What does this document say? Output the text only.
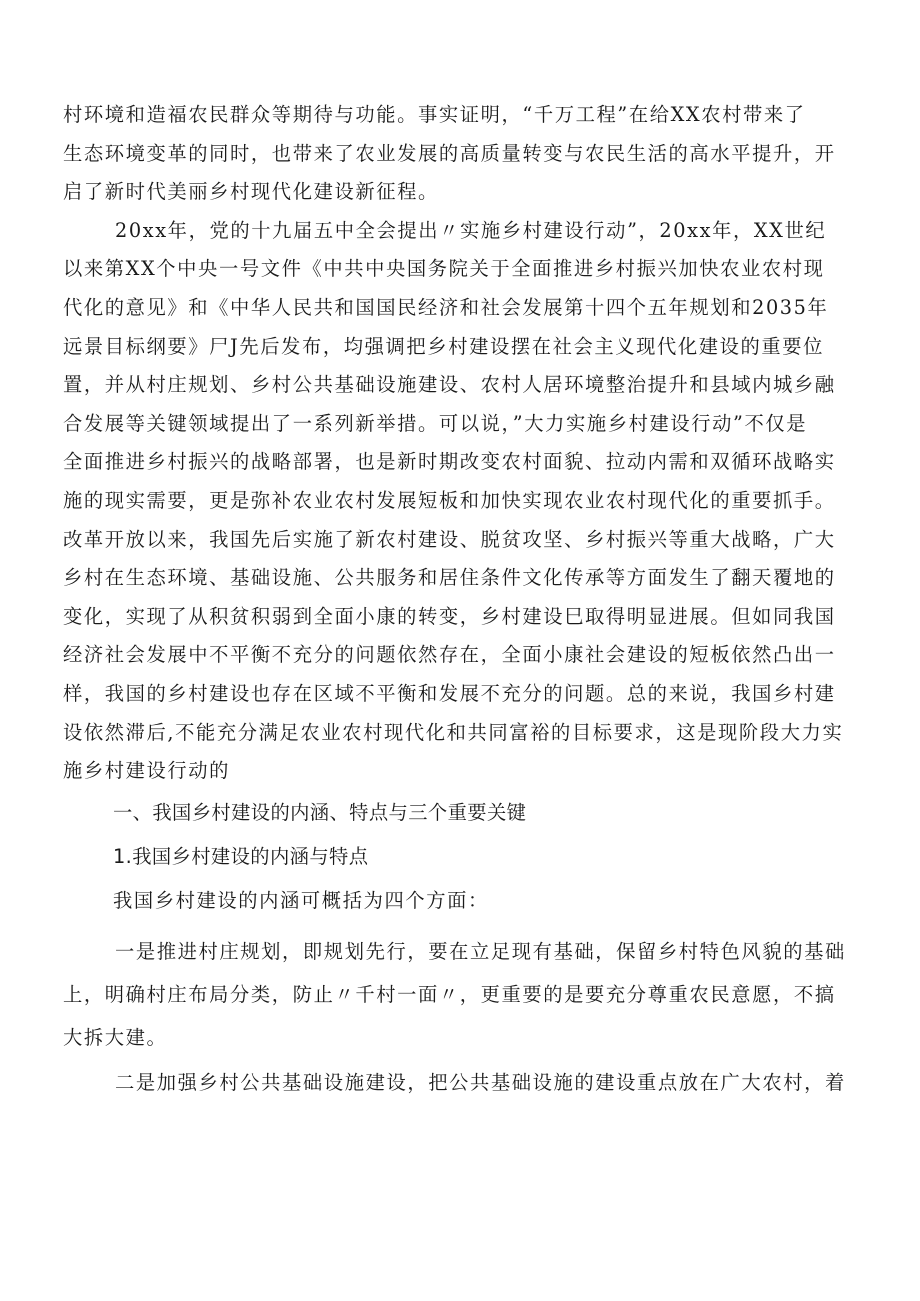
村环境和造福农民群众等期待与功能。事实证明，“千万工程”在给XX农村带来了
生态环境变革的同时，也带来了农业发展的高质量转变与农民生活的高水平提升，开
启了新时代美丽乡村现代化建设新征程。
20xx年，党的十九届五中全会提出〃实施乡村建设行动”，20xx年，XX世纪
以来第XX个中央一号文件《中共中央国务院关于全面推进乡村振兴加快农业农村现
代化的意见》和《中华人民共和国国民经济和社会发展第十四个五年规划和2035年
远景目标纲要》尸J先后发布，均强调把乡村建设摆在社会主义现代化建设的重要位
置，并从村庄规划、乡村公共基础设施建设、农村人居环境整治提升和县域内城乡融
合发展等关键领域提出了一系列新举措。可以说，”大力实施乡村建设行动”不仅是
全面推进乡村振兴的战略部署，也是新时期改变农村面貌、拉动内需和双循环战略实
施的现实需要，更是弥补农业农村发展短板和加快实现农业农村现代化的重要抓手。
改革开放以来，我国先后实施了新农村建设、脱贫攻坚、乡村振兴等重大战略，广大
乡村在生态环境、基础设施、公共服务和居住条件文化传承等方面发生了翻天覆地的
变化，实现了从积贫积弱到全面小康的转变，乡村建设巳取得明显进展。但如同我国
经济社会发展中不平衡不充分的问题依然存在，全面小康社会建设的短板依然凸出一
样，我国的乡村建设也存在区域不平衡和发展不充分的问题。总的来说，我国乡村建
设依然滞后,不能充分满足农业农村现代化和共同富裕的目标要求，这是现阶段大力实
施乡村建设行动的
一、我国乡村建设的内涵、特点与三个重要关键
1.我国乡村建设的内涵与特点
我国乡村建设的内涵可概括为四个方面：
一是推进村庄规划，即规划先行，要在立足现有基础，保留乡村特色风貌的基础
上，明确村庄布局分类，防止〃千村一面〃，更重要的是要充分尊重农民意愿，不搞
大拆大建。
二是加强乡村公共基础设施建设，把公共基础设施的建设重点放在广大农村，着
